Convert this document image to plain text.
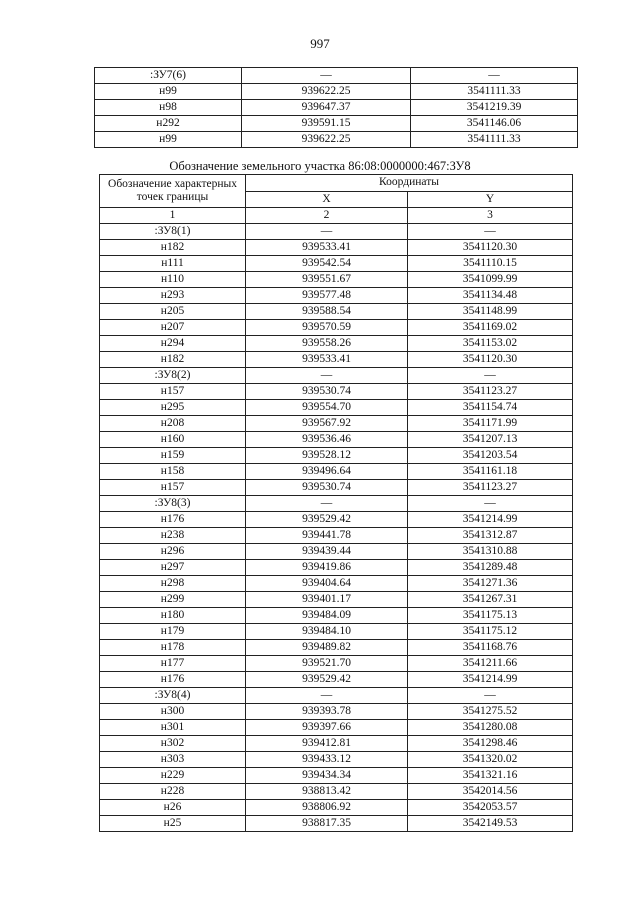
997
:ЗУ7(6)	—	—
н99	939622.25	3541111.33
н98	939647.37	3541219.39
н292	939591.15	3541146.06
н99	939622.25	3541111.33
Обозначение земельного участка 86:08:0000000:467:ЗУ8
Обозначение характерных точек границы	Координаты	
	X	Y
1	2	3
:ЗУ8(1)	—	—
н182	939533.41	3541120.30
н111	939542.54	3541110.15
н110	939551.67	3541099.99
н293	939577.48	3541134.48
н205	939588.54	3541148.99
н207	939570.59	3541169.02
н294	939558.26	3541153.02
н182	939533.41	3541120.30
:ЗУ8(2)	—	—
н157	939530.74	3541123.27
н295	939554.70	3541154.74
н208	939567.92	3541171.99
н160	939536.46	3541207.13
н159	939528.12	3541203.54
н158	939496.64	3541161.18
н157	939530.74	3541123.27
:ЗУ8(3)	—	—
н176	939529.42	3541214.99
н238	939441.78	3541312.87
н296	939439.44	3541310.88
н297	939419.86	3541289.48
н298	939404.64	3541271.36
н299	939401.17	3541267.31
н180	939484.09	3541175.13
н179	939484.10	3541175.12
н178	939489.82	3541168.76
н177	939521.70	3541211.66
н176	939529.42	3541214.99
:ЗУ8(4)	—	—
н300	939393.78	3541275.52
н301	939397.66	3541280.08
н302	939412.81	3541298.46
н303	939433.12	3541320.02
н229	939434.34	3541321.16
н228	938813.42	3542014.56
н26	938806.92	3542053.57
н25	938817.35	3542149.53
